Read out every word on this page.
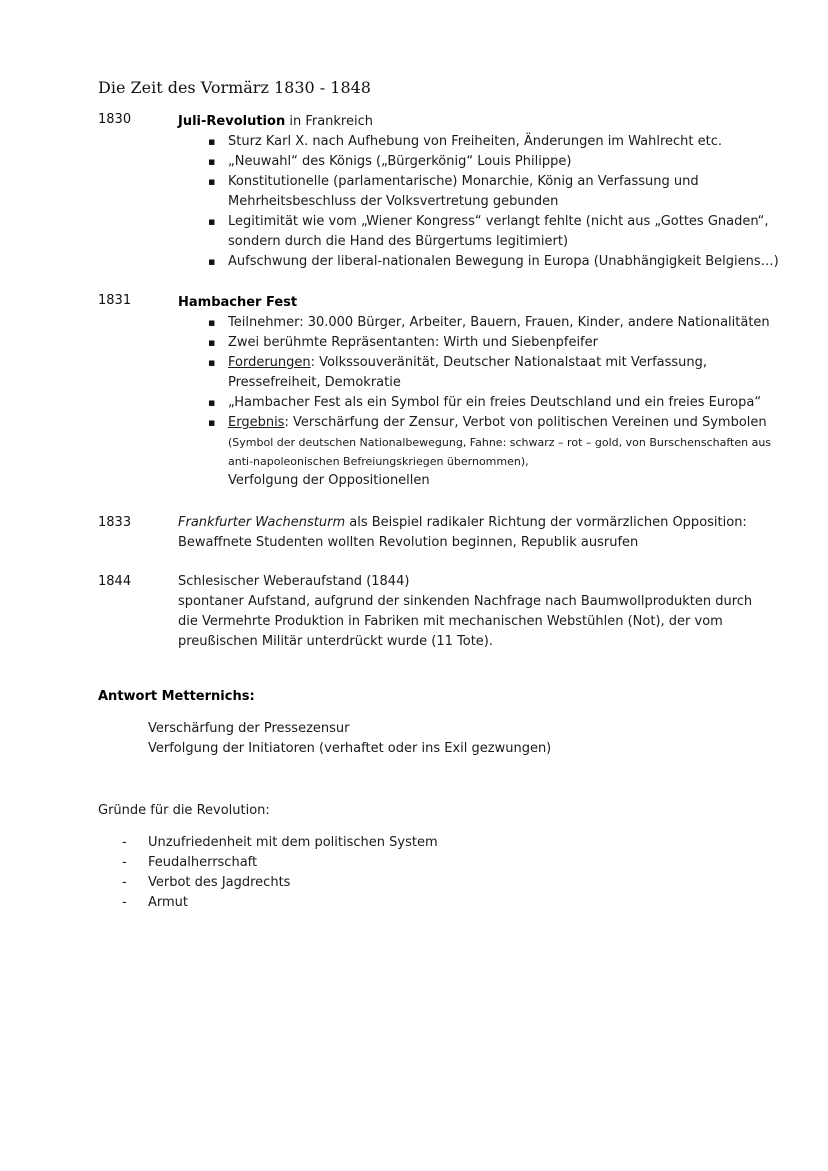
Die Zeit des Vormärz 1830 - 1848
1830	Juli-Revolution in Frankreich
▪ Sturz Karl X. nach Aufhebung von Freiheiten, Änderungen im Wahlrecht etc.
▪ „Neuwahl“ des Königs („Bürgerkönig“ Louis Philippe)
▪ Konstitutionelle (parlamentarische) Monarchie, König an Verfassung und Mehrheitsbeschluss der Volksvertretung gebunden
▪ Legitimität wie vom „Wiener Kongress“ verlangt fehlte (nicht aus „Gottes Gnaden“, sondern durch die Hand des Bürgertums legitimiert)
▪ Aufschwung der liberal-nationalen Bewegung in Europa (Unabhängigkeit Belgiens…)
1831	Hambacher Fest
▪ Teilnehmer: 30.000 Bürger, Arbeiter, Bauern, Frauen, Kinder, andere Nationalitäten
▪ Zwei berühmte Repräsentanten: Wirth und Siebenpfeifer
▪ Forderungen: Volkssouveränität, Deutscher Nationalstaat mit Verfassung, Pressefreiheit, Demokratie
▪ „Hambacher Fest als ein Symbol für ein freies Deutschland und ein freies Europa“
▪ Ergebnis: Verschärfung der Zensur, Verbot von politischen Vereinen und Symbolen
(Symbol der deutschen Nationalbewegung, Fahne: schwarz – rot – gold, von Burschenschaften aus anti-napoleonischen Befreiungskriegen übernommen),
Verfolgung der Oppositionellen
1833	Frankfurter Wachensturm als Beispiel radikaler Richtung der vormärzlichen Opposition:
Bewaffnete Studenten wollten Revolution beginnen, Republik ausrufen
1844	Schlesischer Weberaufstand (1844)
spontaner Aufstand, aufgrund der sinkenden Nachfrage nach Baumwollprodukten durch die Vermehrte Produktion in Fabriken mit mechanischen Webstühlen (Not), der vom preußischen Militär unterdrückt wurde (11 Tote).
Antwort Metternichs:
Verschärfung der Pressezensur
Verfolgung der Initiatoren (verhaftet oder ins Exil gezwungen)
Gründe für die Revolution:
- Unzufriedenheit mit dem politischen System
- Feudalherrschaft
- Verbot des Jagdrechts
- Armut
